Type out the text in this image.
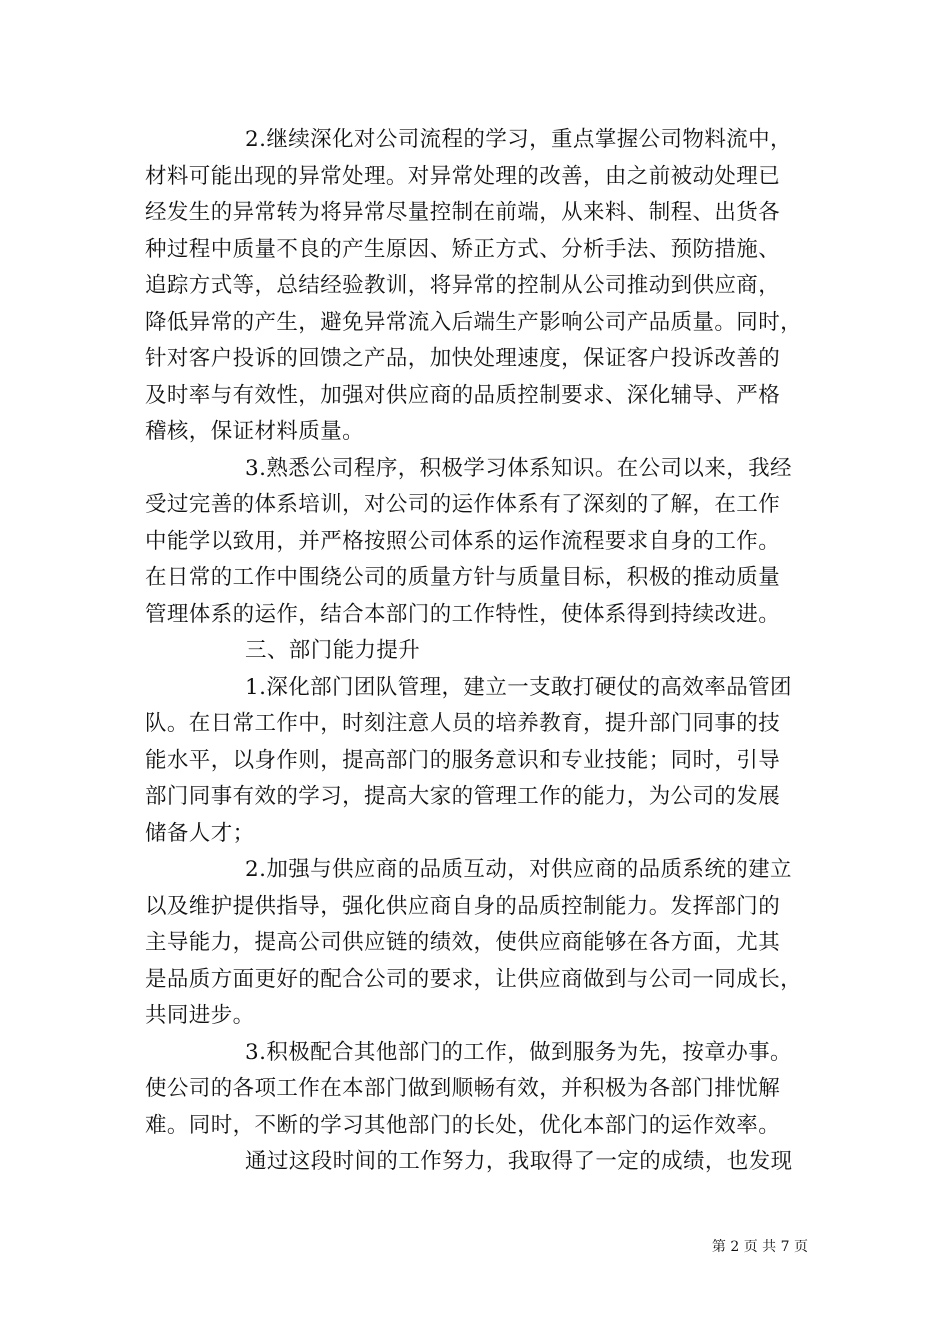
2.继续深化对公司流程的学习，重点掌握公司物料流中，
材料可能出现的异常处理。对异常处理的改善，由之前被动处理已
经发生的异常转为将异常尽量控制在前端，从来料、制程、出货各
种过程中质量不良的产生原因、矫正方式、分析手法、预防措施、
追踪方式等，总结经验教训，将异常的控制从公司推动到供应商，
降低异常的产生，避免异常流入后端生产影响公司产品质量。同时，
针对客户投诉的回馈之产品，加快处理速度，保证客户投诉改善的
及时率与有效性，加强对供应商的品质控制要求、深化辅导、严格
稽核，保证材料质量。
3.熟悉公司程序，积极学习体系知识。在公司以来，我经
受过完善的体系培训，对公司的运作体系有了深刻的了解，在工作
中能学以致用，并严格按照公司体系的运作流程要求自身的工作。
在日常的工作中围绕公司的质量方针与质量目标，积极的推动质量
管理体系的运作，结合本部门的工作特性，使体系得到持续改进。
三、部门能力提升
1.深化部门团队管理，建立一支敢打硬仗的高效率品管团
队。在日常工作中，时刻注意人员的培养教育，提升部门同事的技
能水平，以身作则，提高部门的服务意识和专业技能；同时，引导
部门同事有效的学习，提高大家的管理工作的能力，为公司的发展
储备人才；
2.加强与供应商的品质互动，对供应商的品质系统的建立
以及维护提供指导，强化供应商自身的品质控制能力。发挥部门的
主导能力，提高公司供应链的绩效，使供应商能够在各方面，尤其
是品质方面更好的配合公司的要求，让供应商做到与公司一同成长，
共同进步。
3.积极配合其他部门的工作，做到服务为先，按章办事。
使公司的各项工作在本部门做到顺畅有效，并积极为各部门排忧解
难。同时，不断的学习其他部门的长处，优化本部门的运作效率。
通过这段时间的工作努力，我取得了一定的成绩，也发现
第 2 页 共 7 页
